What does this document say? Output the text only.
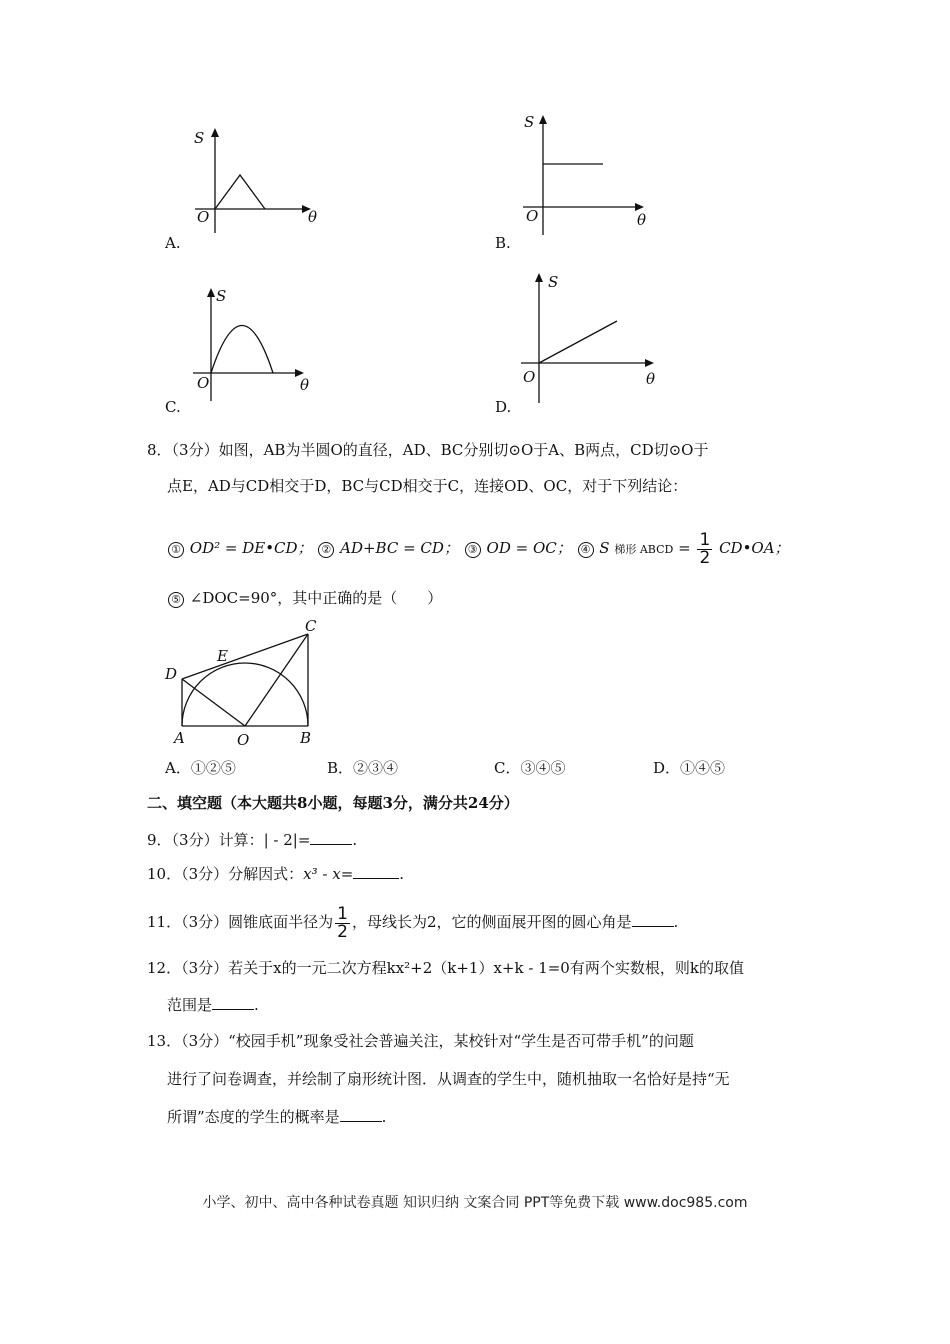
S
O	θ
A.
S
O	θ
B.
S
O	θ
C.
S
O	θ
D.
8．（3分）如图，AB为半圆O的直径，AD、BC分别切⊙O于A、B两点，CD切⊙O于
点E，AD与CD相交于D，BC与CD相交于C，连接OD、OC，对于下列结论：
① OD² = DE•CD； ② AD+BC = CD； ③ OD = OC； ④ S 梯形 ABCD = $\frac{1}{2}$ CD•OA；
⑤ ∠DOC=90°，其中正确的是（　　）
C
E
D
A	O	B
A．①②⑤	B．②③④	C．③④⑤	D．①④⑤
二、填空题（本大题共8小题，每题3分，满分共24分）
9．（3分）计算：| - 2|=	.
10．（3分）分解因式：x³ - x=	.
11．（3分）圆锥底面半径为 $\frac{1}{2}$ ，母线长为2，它的侧面展开图的圆心角是	.
12．（3分）若关于x的一元二次方程kx²+2（k+1）x+k - 1=0有两个实数根，则k的取值
范围是	.
13．（3分）“校园手机”现象受社会普遍关注，某校针对“学生是否可带手机”的问题
进行了问卷调查，并绘制了扇形统计图．从调查的学生中，随机抽取一名恰好是持“无
所谓”态度的学生的概率是	.
小学、初中、高中各种试卷真题 知识归纳 文案合同 PPT等免费下载 www.doc985.com
